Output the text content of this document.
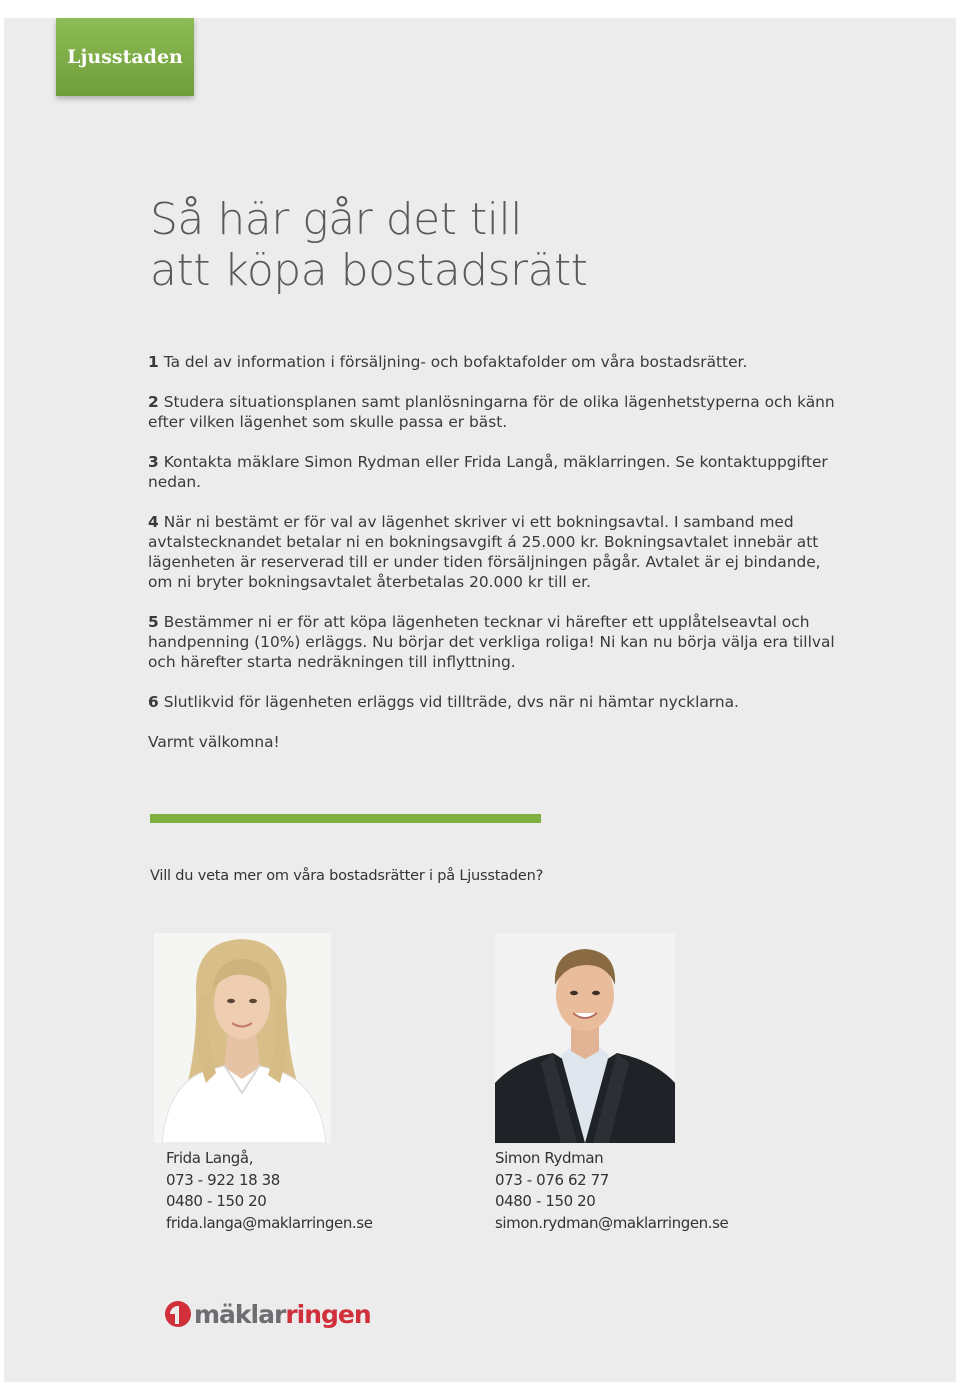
Ljusstaden
Så här går det till
att köpa bostadsrätt

1 Ta del av information i försäljning- och bofaktafolder om våra bostadsrätter.

2 Studera situationsplanen samt planlösningarna för de olika lägenhetstyperna och känn efter vilken lägenhet som skulle passa er bäst.

3 Kontakta mäklare Simon Rydman eller Frida Langå, mäklarringen. Se kontaktuppgifter nedan.

4 När ni bestämt er för val av lägenhet skriver vi ett bokningsavtal. I samband med avtalstecknandet betalar ni en bokningsavgift á 25.000 kr. Bokningsavtalet innebär att lägenheten är reserverad till er under tiden försäljningen pågår. Avtalet är ej bindande, om ni bryter bokningsavtalet återbetalas 20.000 kr till er.

5 Bestämmer ni er för att köpa lägenheten tecknar vi härefter ett upplåtelseavtal och handpenning (10%) erläggs. Nu börjar det verkliga roliga! Ni kan nu börja välja era tillval och härefter starta nedräkningen till inflyttning.

6 Slutlikvid för lägenheten erläggs vid tillträde, dvs när ni hämtar nycklarna.

Varmt välkomna!

Vill du veta mer om våra bostadsrätter i på Ljusstaden?
Frida Langå,
073 - 922 18 38
0480 - 150 20
frida.langa@maklarringen.se
Simon Rydman
073 - 076 62 77
0480 - 150 20
simon.rydman@maklarringen.se
mäklarringen
